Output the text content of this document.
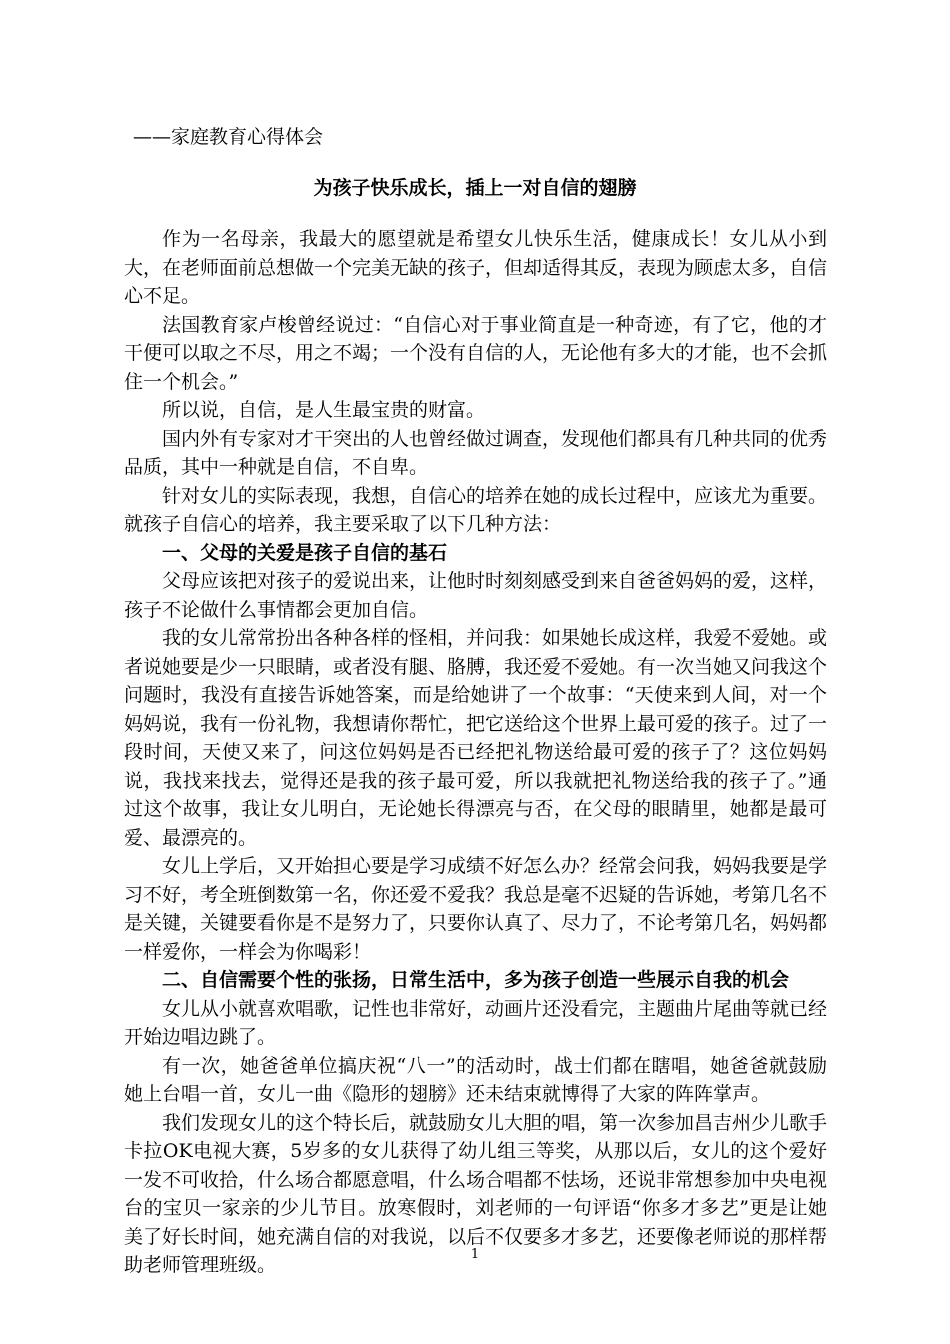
——家庭教育心得体会
为孩子快乐成长，插上一对自信的翅膀

作为一名母亲，我最大的愿望就是希望女儿快乐生活，健康成长！女儿从小到大，在老师面前总想做一个完美无缺的孩子，但却适得其反，表现为顾虑太多，自信心不足。

法国教育家卢梭曾经说过：“自信心对于事业简直是一种奇迹，有了它，他的才干便可以取之不尽，用之不竭；一个没有自信的人，无论他有多大的才能，也不会抓住一个机会。”

所以说，自信，是人生最宝贵的财富。

国内外有专家对才干突出的人也曾经做过调查，发现他们都具有几种共同的优秀品质，其中一种就是自信，不自卑。

针对女儿的实际表现，我想，自信心的培养在她的成长过程中，应该尤为重要。就孩子自信心的培养，我主要采取了以下几种方法：

一、父母的关爱是孩子自信的基石

父母应该把对孩子的爱说出来，让他时时刻刻感受到来自爸爸妈妈的爱，这样，孩子不论做什么事情都会更加自信。

我的女儿常常扮出各种各样的怪相，并问我：如果她长成这样，我爱不爱她。或者说她要是少一只眼睛，或者没有腿、胳膊，我还爱不爱她。有一次当她又问我这个问题时，我没有直接告诉她答案，而是给她讲了一个故事：“天使来到人间，对一个妈妈说，我有一份礼物，我想请你帮忙，把它送给这个世界上最可爱的孩子。过了一段时间，天使又来了，问这位妈妈是否已经把礼物送给最可爱的孩子了？这位妈妈说，我找来找去，觉得还是我的孩子最可爱，所以我就把礼物送给我的孩子了。”通过这个故事，我让女儿明白，无论她长得漂亮与否，在父母的眼睛里，她都是最可爱、最漂亮的。

女儿上学后，又开始担心要是学习成绩不好怎么办？经常会问我，妈妈我要是学习不好，考全班倒数第一名，你还爱不爱我？我总是毫不迟疑的告诉她，考第几名不是关键，关键要看你是不是努力了，只要你认真了、尽力了，不论考第几名，妈妈都一样爱你，一样会为你喝彩！

二、自信需要个性的张扬，日常生活中，多为孩子创造一些展示自我的机会

女儿从小就喜欢唱歌，记性也非常好，动画片还没看完，主题曲片尾曲等就已经开始边唱边跳了。

有一次，她爸爸单位搞庆祝“八一”的活动时，战士们都在瞎唱，她爸爸就鼓励她上台唱一首，女儿一曲《隐形的翅膀》还未结束就博得了大家的阵阵掌声。

我们发现女儿的这个特长后，就鼓励女儿大胆的唱，第一次参加昌吉州少儿歌手卡拉OK电视大赛，5岁多的女儿获得了幼儿组三等奖，从那以后，女儿的这个爱好一发不可收拾，什么场合都愿意唱，什么场合唱都不怯场，还说非常想参加中央电视台的宝贝一家亲的少儿节目。放寒假时，刘老师的一句评语“你多才多艺”更是让她美了好长时间，她充满自信的对我说，以后不仅要多才多艺，还要像老师说的那样帮助老师管理班级。	1
